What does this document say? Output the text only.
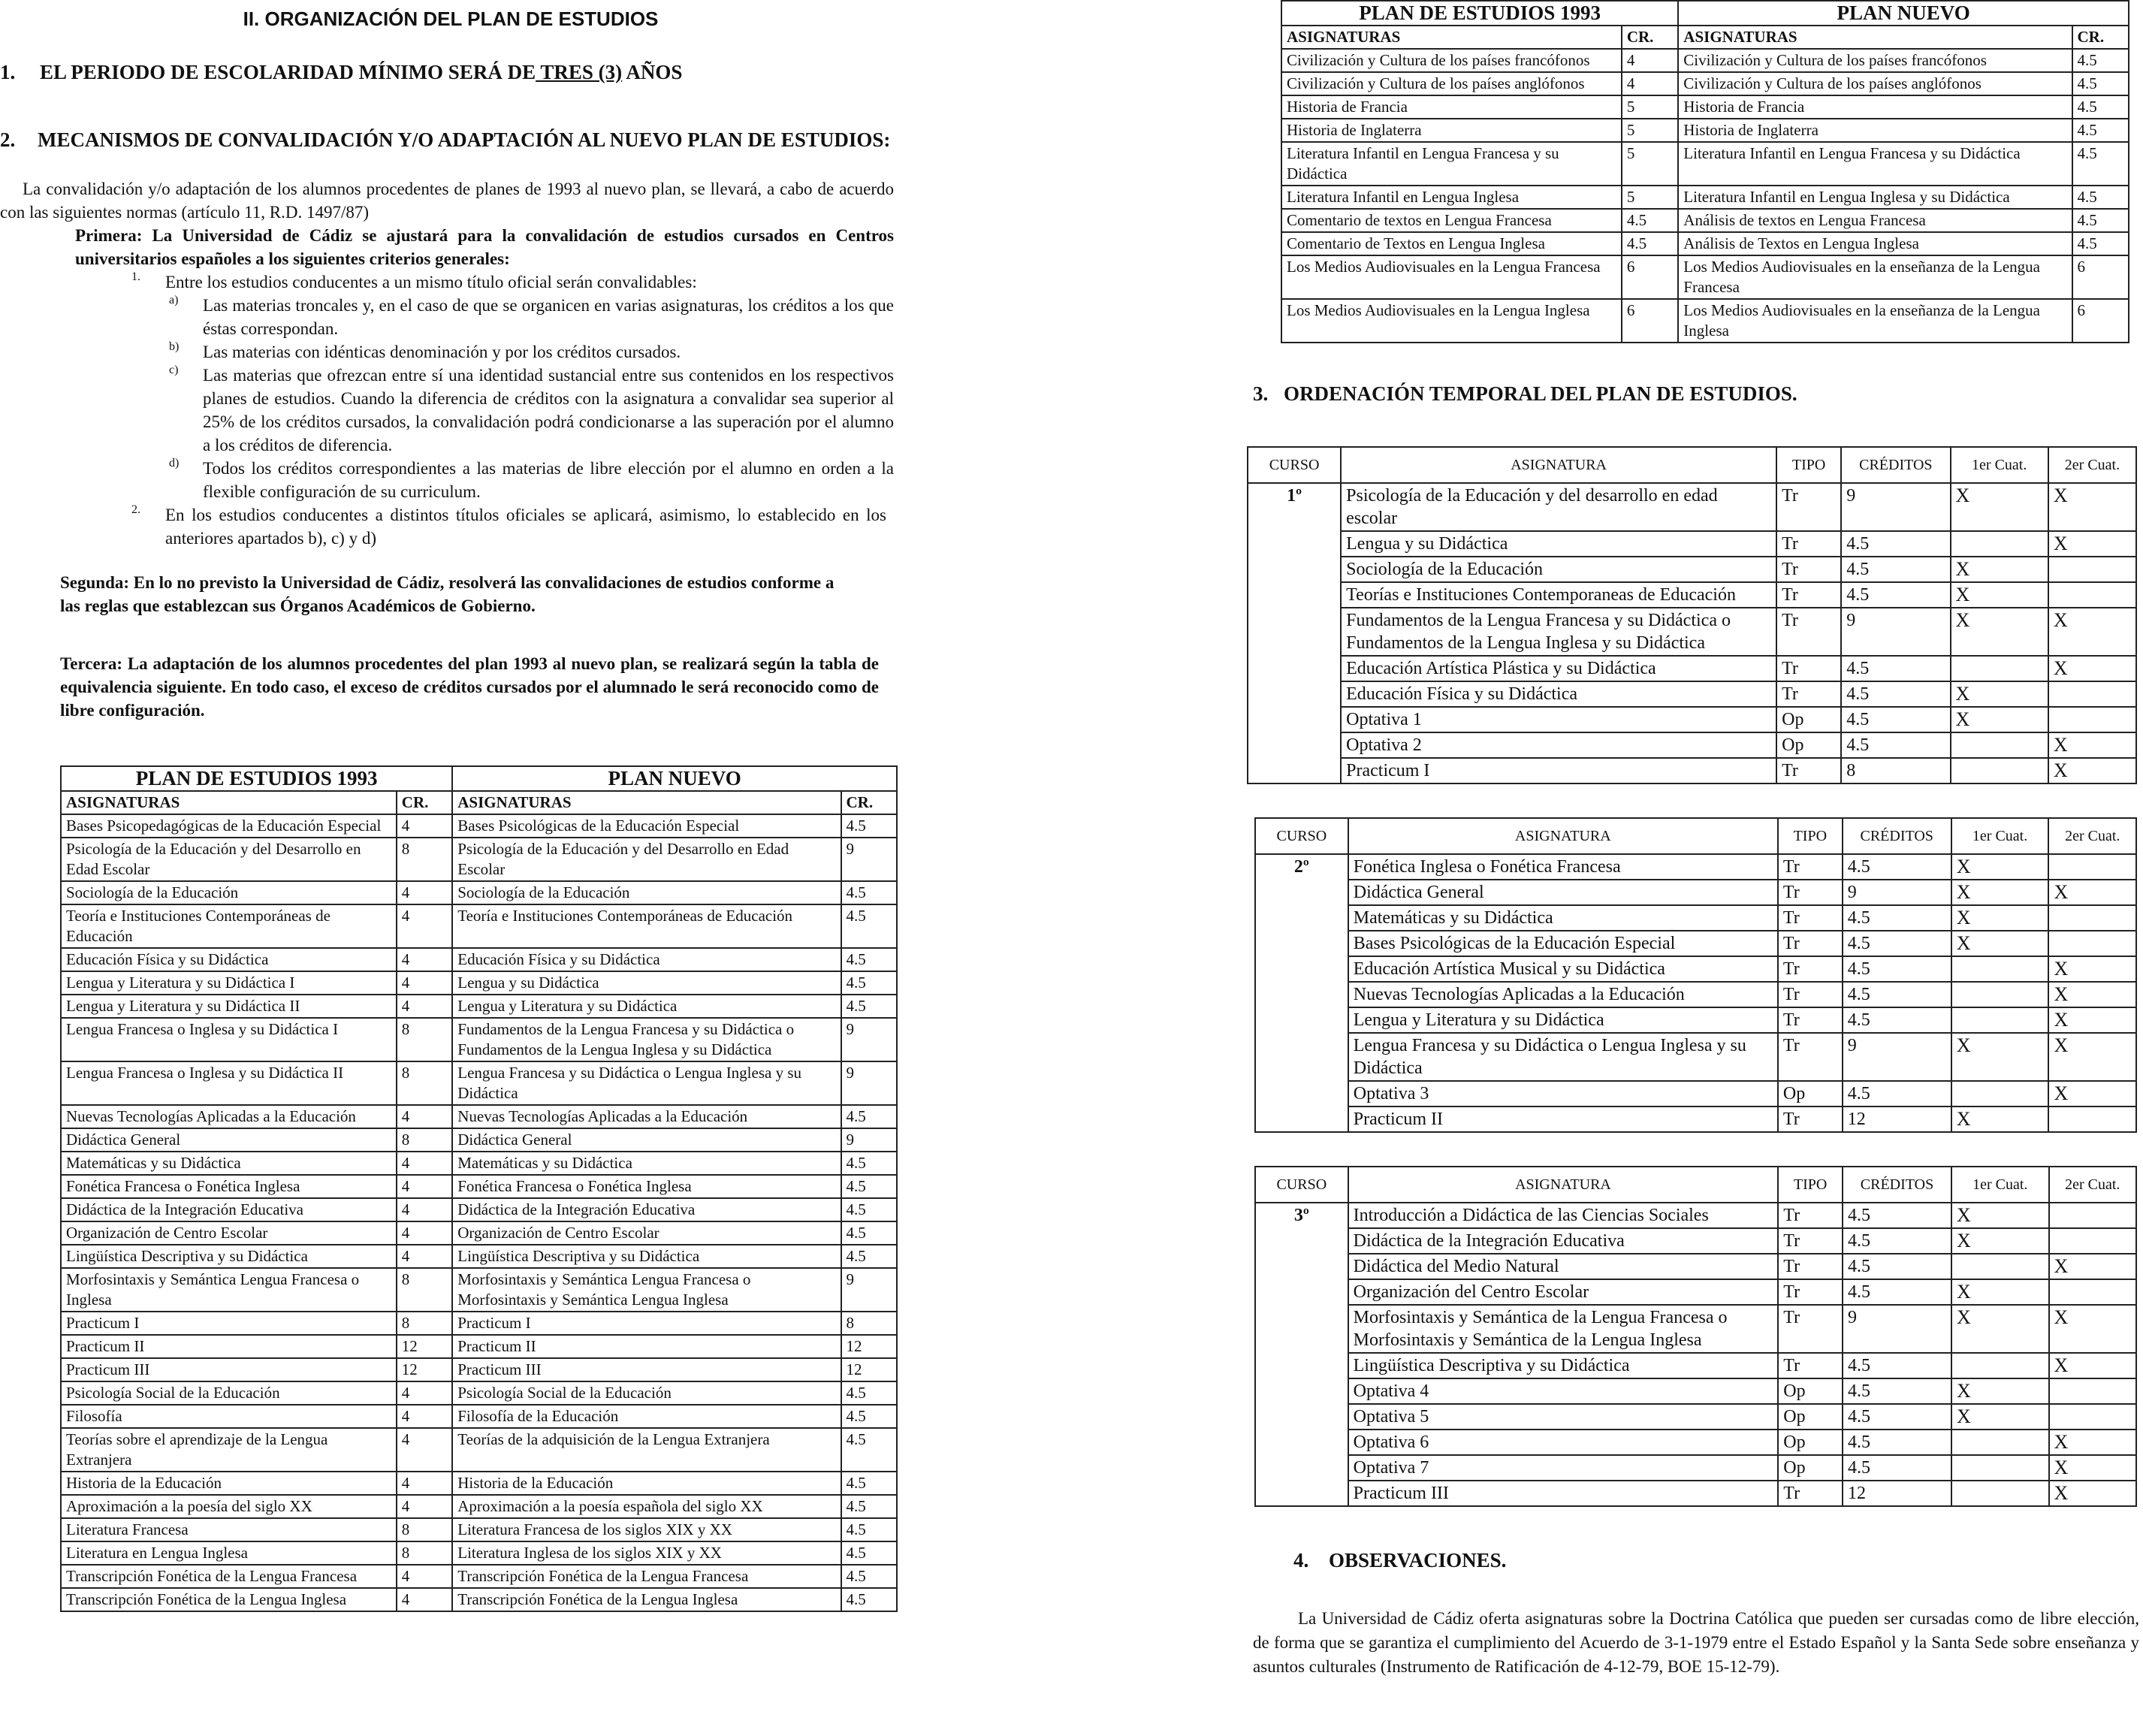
II. ORGANIZACIÓN DEL PLAN DE ESTUDIOS
1. EL PERIODO DE ESCOLARIDAD MÍNIMO SERÁ DE TRES (3) AÑOS
2.	MECANISMOS DE CONVALIDACIÓN Y/O ADAPTACIÓN AL NUEVO PLAN DE ESTUDIOS:

La convalidación y/o adaptación de los alumnos procedentes de planes de 1993 al nuevo plan, se llevará, a cabo de acuerdo con las siguientes normas (artículo 11, R.D. 1497/87)

Primera: La Universidad de Cádiz se ajustará para la convalidación de estudios cursados en Centros universitarios españoles a los siguientes criterios generales:

1.	Entre los estudios conducentes a un mismo título oficial serán convalidables:

a)	Las materias troncales y, en el caso de que se organicen en varias asignaturas, los créditos a los que éstas correspondan.

b)	Las materias con idénticas denominación y por los créditos cursados.

c)	Las materias que ofrezcan entre sí una identidad sustancial entre sus contenidos en los respectivos planes de estudios. Cuando la diferencia de créditos con la asignatura a convalidar sea superior al 25% de los créditos cursados, la convalidación podrá condicionarse a las superación por el alumno a los créditos de diferencia.

d)	Todos los créditos correspondientes a las materias de libre elección por el alumno en orden a la flexible configuración de su curriculum.

2.	En los estudios conducentes a distintos títulos oficiales se aplicará, asimismo, lo establecido en los anteriores apartados b), c) y d)

Segunda: En lo no previsto la Universidad de Cádiz, resolverá las convalidaciones de estudios conforme a las reglas que establezcan sus Órganos Académicos de Gobierno.

Tercera: La adaptación de los alumnos procedentes del plan 1993 al nuevo plan, se realizará según la tabla de equivalencia siguiente. En todo caso, el exceso de créditos cursados por el alumnado le será reconocido como de libre configuración.

PLAN DE ESTUDIOS 1993		PLAN NUEVO	
ASIGNATURAS	CR.	ASIGNATURAS	CR.
Bases Psicopedagógicas de la Educación Especial	4	Bases Psicológicas de la Educación Especial	4.5
Psicología de la Educación y del Desarrollo en Edad Escolar	8	Psicología de la Educación y del Desarrollo en Edad Escolar	9
Sociología de la Educación	4	Sociología de la Educación	4.5
Teoría e Instituciones Contemporáneas de Educación	4	Teoría e Instituciones Contemporáneas de Educación	4.5
Educación Física y su Didáctica	4	Educación Física y su Didáctica	4.5
Lengua y Literatura y su Didáctica I	4	Lengua y su Didáctica	4.5
Lengua y Literatura y su Didáctica II	4	Lengua y Literatura y su Didáctica	4.5
Lengua Francesa o Inglesa y su Didáctica I	8	Fundamentos de la Lengua Francesa y su Didáctica o Fundamentos de la Lengua Inglesa y su Didáctica	9
Lengua Francesa o Inglesa y su Didáctica II	8	Lengua Francesa y su Didáctica o Lengua Inglesa y su Didáctica	9
Nuevas Tecnologías Aplicadas a la Educación	4	Nuevas Tecnologías Aplicadas a la Educación	4.5
Didáctica General	8	Didáctica General	9
Matemáticas y su Didáctica	4	Matemáticas y su Didáctica	4.5
Fonética Francesa o Fonética Inglesa	4	Fonética Francesa o Fonética Inglesa	4.5
Didáctica de la Integración Educativa	4	Didáctica de la Integración Educativa	4.5
Organización de Centro Escolar	4	Organización de Centro Escolar	4.5
Lingüística Descriptiva y su Didáctica	4	Lingüística Descriptiva y su Didáctica	4.5
Morfosintaxis y Semántica Lengua Francesa o Inglesa	8	Morfosintaxis y Semántica Lengua Francesa o Morfosintaxis y Semántica Lengua Inglesa	9
Practicum I	8	Practicum I	8
Practicum II	12	Practicum II	12
Practicum III	12	Practicum III	12
Psicología Social de la Educación	4	Psicología Social de la Educación	4.5
Filosofía	4	Filosofía de la Educación	4.5
Teorías sobre el aprendizaje de la Lengua Extranjera	4	Teorías de la adquisición de la Lengua Extranjera	4.5
Historia de la Educación	4	Historia de la Educación	4.5
Aproximación a la poesía del siglo XX	4	Aproximación a la poesía española del siglo XX	4.5
Literatura Francesa	8	Literatura Francesa de los siglos XIX y XX	4.5
Literatura en Lengua Inglesa	8	Literatura Inglesa de los siglos XIX y XX	4.5
Transcripción Fonética de la Lengua Francesa	4	Transcripción Fonética de la Lengua Francesa	4.5
Transcripción Fonética de la Lengua Inglesa	4	Transcripción Fonética de la Lengua Inglesa	4.5
PLAN DE ESTUDIOS 1993		PLAN NUEVO	
ASIGNATURAS	CR.	ASIGNATURAS	CR.
Civilización y Cultura de los países francófonos	4	Civilización y Cultura de los países francófonos	4.5
Civilización y Cultura de los países anglófonos	4	Civilización y Cultura de los países anglófonos	4.5
Historia de Francia	5	Historia de Francia	4.5
Historia de Inglaterra	5	Historia de Inglaterra	4.5
Literatura Infantil en Lengua Francesa y su Didáctica	5	Literatura Infantil en Lengua Francesa y su Didáctica	4.5
Literatura Infantil en Lengua Inglesa	5	Literatura Infantil en Lengua Inglesa y su Didáctica	4.5
Comentario de textos en Lengua Francesa	4.5	Análisis de textos en Lengua Francesa	4.5
Comentario de Textos en Lengua Inglesa	4.5	Análisis de Textos en Lengua Inglesa	4.5
Los Medios Audiovisuales en la Lengua Francesa	6	Los Medios Audiovisuales en la enseñanza de la Lengua Francesa	6
Los Medios Audiovisuales en la Lengua Inglesa	6	Los Medios Audiovisuales en la enseñanza de la Lengua Inglesa	6
3. ORDENACIÓN TEMPORAL DEL PLAN DE ESTUDIOS.
CURSO	ASIGNATURA	TIPO	CRÉDITOS	1er Cuat.	2er Cuat.
1º	Psicología de la Educación y del desarrollo en edad escolar	Tr	9	X	X
	Lengua y su Didáctica	Tr	4.5		X
	Sociología de la Educación	Tr	4.5	X	
	Teorías e Instituciones Contemporaneas de Educación	Tr	4.5	X	
	Fundamentos de la Lengua Francesa y su Didáctica o Fundamentos de la Lengua Inglesa y su Didáctica	Tr	9	X	X
	Educación Artística Plástica y su Didáctica	Tr	4.5		X
	Educación Física y su Didáctica	Tr	4.5	X	
	Optativa 1	Op	4.5	X	
	Optativa 2	Op	4.5		X
	Practicum I	Tr	8		X
CURSO	ASIGNATURA	TIPO	CRÉDITOS	1er Cuat.	2er Cuat.
2º	Fonética Inglesa o Fonética Francesa	Tr	4.5	X	
	Didáctica General	Tr	9	X	X
	Matemáticas y su Didáctica	Tr	4.5	X	
	Bases Psicológicas de la Educación Especial	Tr	4.5	X	
	Educación Artística Musical y su Didáctica	Tr	4.5		X
	Nuevas Tecnologías Aplicadas a la Educación	Tr	4.5		X
	Lengua y Literatura y su Didáctica	Tr	4.5		X
	Lengua Francesa y su Didáctica o Lengua Inglesa y su Didáctica	Tr	9	X	X
	Optativa 3	Op	4.5		X
	Practicum II	Tr	12	X	
CURSO	ASIGNATURA	TIPO	CRÉDITOS	1er Cuat.	2er Cuat.
3º	Introducción a Didáctica de las Ciencias Sociales	Tr	4.5	X	
	Didáctica de la Integración Educativa	Tr	4.5	X	
	Didáctica del Medio Natural	Tr	4.5		X
	Organización del Centro Escolar	Tr	4.5	X	
	Morfosintaxis y Semántica de la Lengua Francesa o Morfosintaxis y Semántica de la Lengua Inglesa	Tr	9	X	X
	Lingüística Descriptiva y su Didáctica	Tr	4.5		X
	Optativa 4	Op	4.5	X	
	Optativa 5	Op	4.5	X	
	Optativa 6	Op	4.5		X
	Optativa 7	Op	4.5		X
	Practicum III	Tr	12		X
4. OBSERVACIONES.

La Universidad de Cádiz oferta asignaturas sobre la Doctrina Católica que pueden ser cursadas como de libre elección, de forma que se garantiza el cumplimiento del Acuerdo de 3-1-1979 entre el Estado Español y la Santa Sede sobre enseñanza y asuntos culturales (Instrumento de Ratificación de 4-12-79, BOE 15-12-79).
